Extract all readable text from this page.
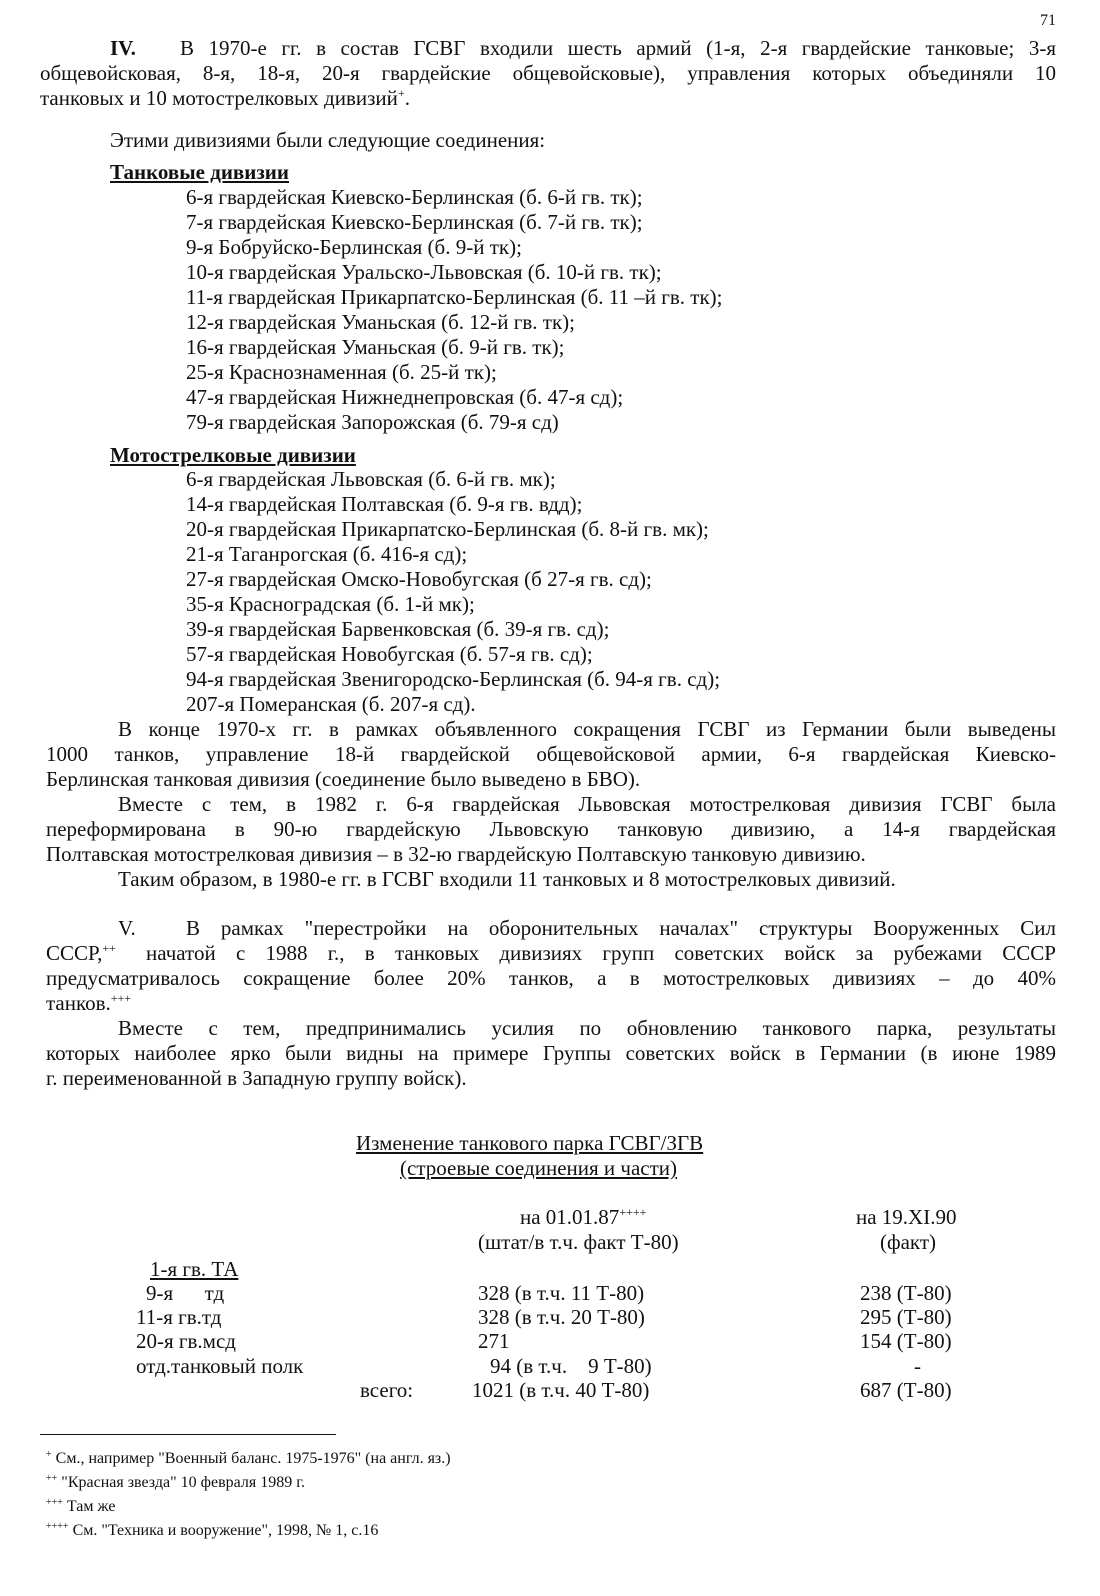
71
IV. В 1970-е гг. в состав ГСВГ входили шесть армий (1-я, 2-я гвардейские танковые; 3-я
общевойсковая, 8-я, 18-я, 20-я гвардейские общевойсковые), управления которых объединяли 10
танковых и 10 мотострелковых дивизий+.
Этими дивизиями были следующие соединения:
Танковые дивизии
6-я гвардейская Киевско-Берлинская (б. 6-й гв. тк);
7-я гвардейская Киевско-Берлинская (б. 7-й гв. тк);
9-я Бобруйско-Берлинская (б. 9-й тк);
10-я гвардейская Уральско-Львовская (б. 10-й гв. тк);
11-я гвардейская Прикарпатско-Берлинская (б. 11 –й гв. тк);
12-я гвардейская Уманьская (б. 12-й гв. тк);
16-я гвардейская Уманьская (б. 9-й гв. тк);
25-я Краснознаменная (б. 25-й тк);
47-я гвардейская Нижнеднепровская (б. 47-я сд);
79-я гвардейская Запорожская (б. 79-я сд)
Мотострелковые дивизии
6-я гвардейская Львовская (б. 6-й гв. мк);
14-я гвардейская Полтавская (б. 9-я гв. вдд);
20-я гвардейская Прикарпатско-Берлинская (б. 8-й гв. мк);
21-я Таганрогская (б. 416-я сд);
27-я гвардейская Омско-Новобугская (б 27-я гв. сд);
35-я Красноградская (б. 1-й мк);
39-я гвардейская Барвенковская (б. 39-я гв. сд);
57-я гвардейская Новобугская (б. 57-я гв. сд);
94-я гвардейская Звенигородско-Берлинская (б. 94-я гв. сд);
207-я Померанская (б. 207-я сд).
В конце 1970-х гг. в рамках объявленного сокращения ГСВГ из Германии были выведены
1000 танков, управление 18-й гвардейской общевойсковой армии, 6-я гвардейская Киевско-
Берлинская танковая дивизия (соединение было выведено в БВО).
Вместе с тем, в 1982 г. 6-я гвардейская Львовская мотострелковая дивизия ГСВГ была
переформирована в 90-ю гвардейскую Львовскую танковую дивизию, а 14-я гвардейская
Полтавская мотострелковая дивизия – в 32-ю гвардейскую Полтавскую танковую дивизию.
Таким образом, в 1980-е гг. в ГСВГ входили 11 танковых и 8 мотострелковых дивизий.
V. В рамках "перестройки на оборонительных началах" структуры Вооруженных Сил
СССР,++ начатой с 1988 г., в танковых дивизиях групп советских войск за рубежами СССР
предусматривалось сокращение более 20% танков, а в мотострелковых дивизиях – до 40%
танков.+++
Вместе с тем, предпринимались усилия по обновлению танкового парка, результаты
которых наиболее ярко были видны на примере Группы советских войск в Германии (в июне 1989
г. переименованной в Западную группу войск).
Изменение танкового парка ГСВГ/ЗГВ
(строевые соединения и части)
на 01.01.87++++
(штат/в т.ч. факт Т-80)
на 19.XI.90
(факт)
1-я гв. ТА
9-я      тд	328 (в т.ч. 11 Т-80)	238 (Т-80)
11-я гв.тд	328 (в т.ч. 20 Т-80)	295 (Т-80)
20-я гв.мсд	271	154 (Т-80)
отд.танковый полк	94 (в т.ч.    9 Т-80)	-
всего:	1021 (в т.ч. 40 Т-80)	687 (Т-80)
+ См., например "Военный баланс. 1975-1976" (на англ. яз.)
++ "Красная звезда" 10 февраля 1989 г.
+++ Там же
++++ См. "Техника и вооружение", 1998, № 1, с.16
